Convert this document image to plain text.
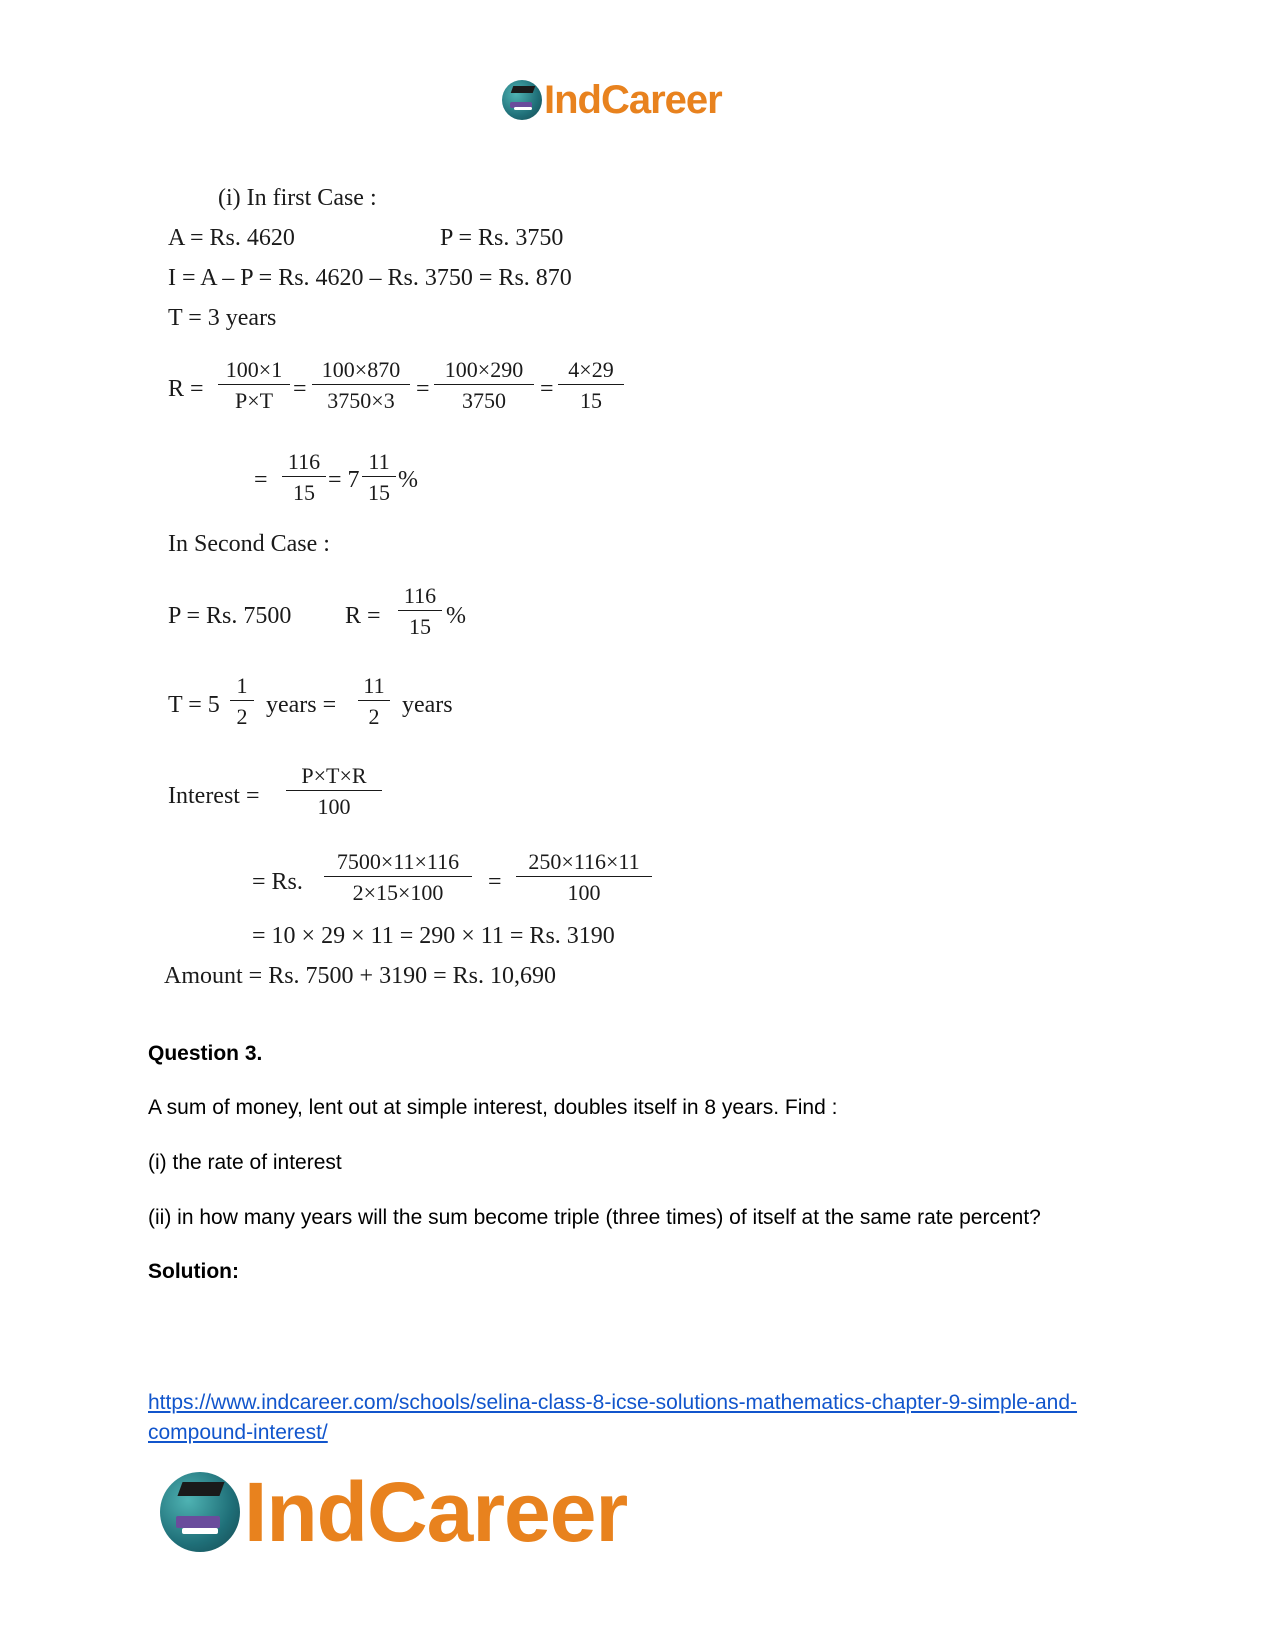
IndCareer
(i) In first Case :
A = Rs. 4620	P = Rs. 3750
I = A – P = Rs. 4620 – Rs. 3750 = Rs. 870
T = 3 years
$R = \frac{100\times 1}{P\times T} = \frac{100\times 870}{3750\times 3} = \frac{100\times 290}{3750} = \frac{4\times 29}{15}$
= $\frac{116}{15} = 7 \frac{11}{15}$ %
In Second Case :
P = Rs. 7500 $R = \frac{116}{15}$ %
$T = 5 \frac{1}{2}$ years = $\frac{11}{2}$ years
Interest = $\frac{P\times T\times R}{100}$
= Rs. $\frac{7500\times 11\times 116}{2\times 15\times 100} = \frac{250\times 116\times 11}{100}$
= 10 × 29 × 11 = 290 × 11 = Rs. 3190
Amount = Rs. 7500 + 3190 = Rs. 10,690
Question 3.
A sum of money, lent out at simple interest, doubles itself in 8 years. Find :
(i) the rate of interest
(ii) in how many years will the sum become triple (three times) of itself at the same rate percent?
Solution:
https://www.indcareer.com/schools/selina-class-8-icse-solutions-mathematics-chapter-9-simple-and-compound-interest/
IndCareer
